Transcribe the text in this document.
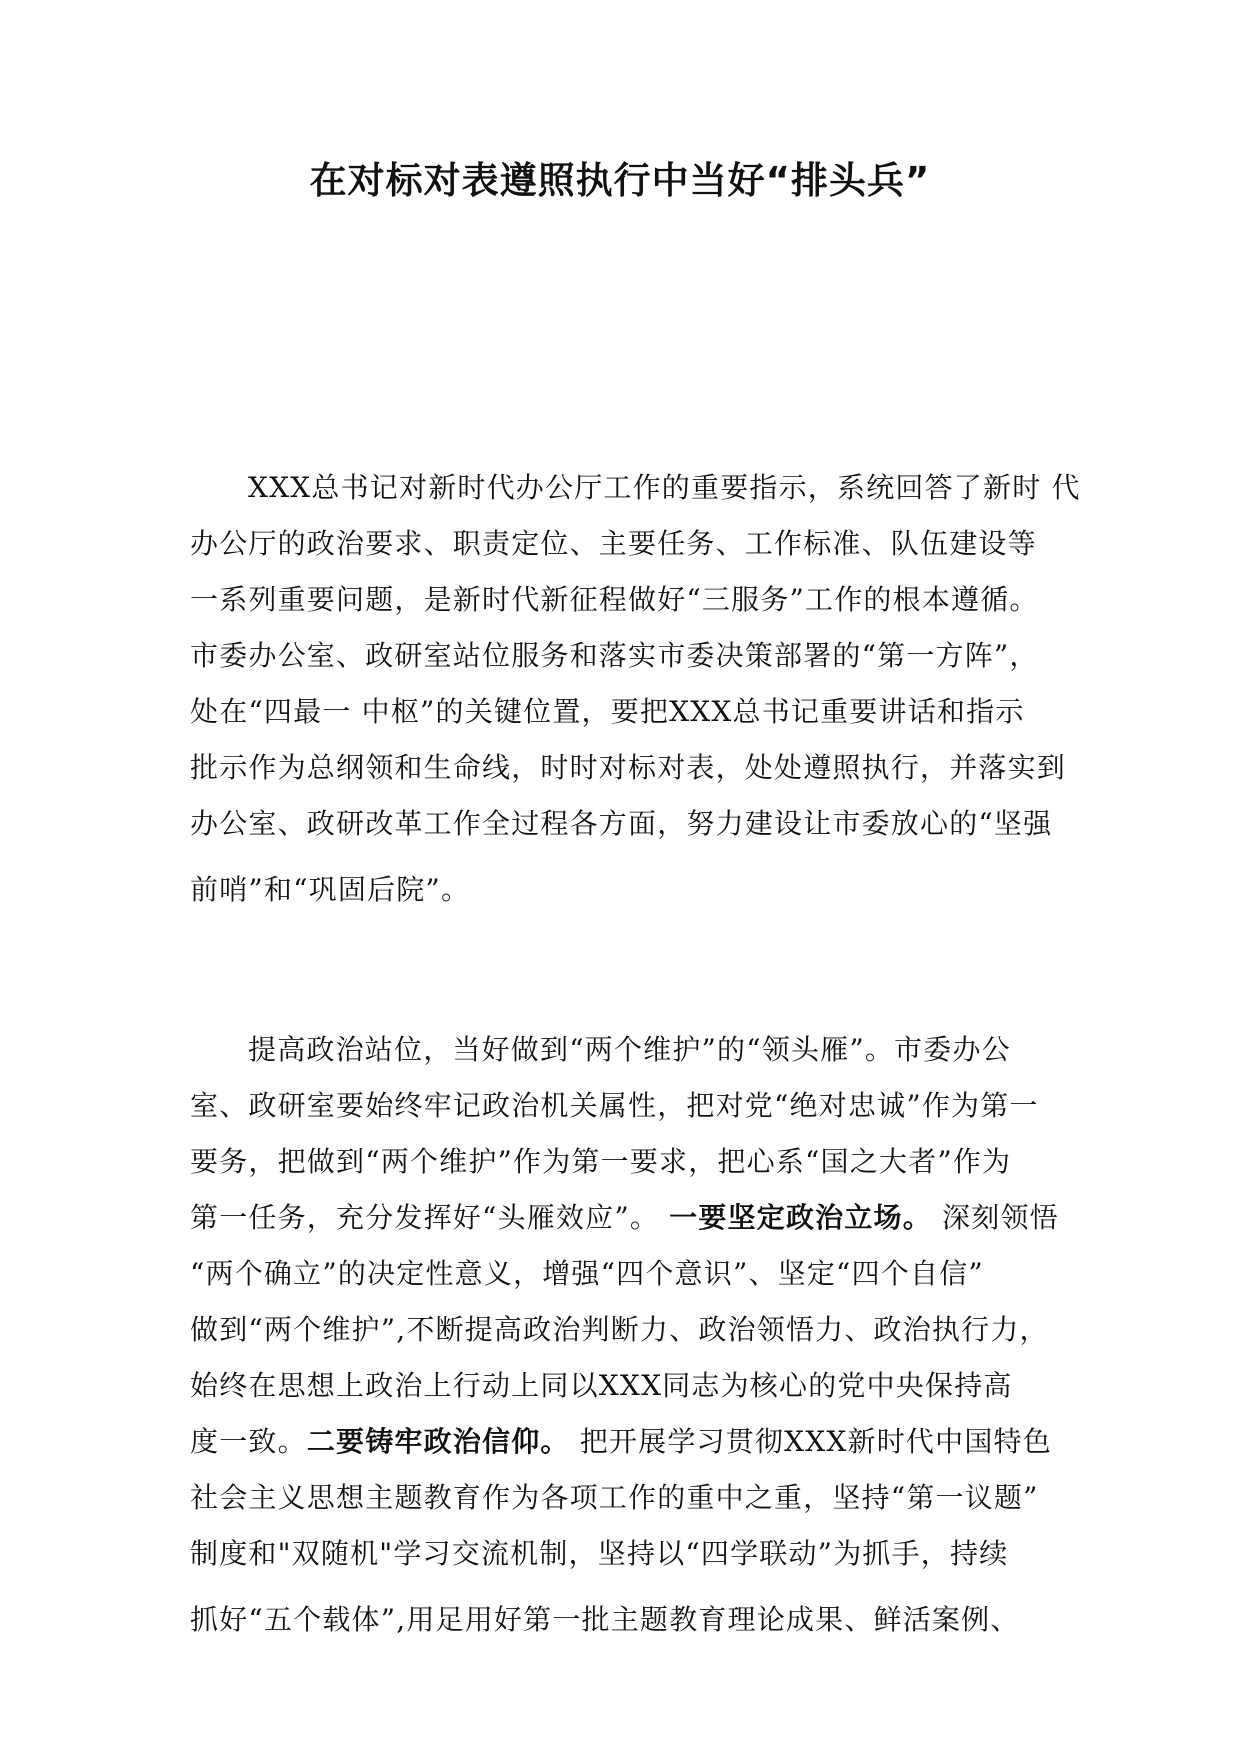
在对标对表遵照执行中当好“排头兵”
XXX总书记对新时代办公厅工作的重要指示，系统回答了新时 代
办公厅的政治要求、职责定位、主要任务、工作标准、队伍建设等
一系列重要问题，是新时代新征程做好“三服务”工作的根本遵循。
市委办公室、政研室站位服务和落实市委决策部署的“第一方阵”，
处在“四最一 中枢”的关键位置，要把XXX总书记重要讲话和指示
批示作为总纲领和生命线，时时对标对表，处处遵照执行，并落实到
办公室、政研改革工作全过程各方面，努力建设让市委放心的“坚强
前哨”和“巩固后院”。
提高政治站位，当好做到“两个维护”的“领头雁”。市委办公
室、政研室要始终牢记政治机关属性，把对党“绝对忠诚”作为第一
要务，把做到“两个维护”作为第一要求，把心系“国之大者”作为
第一任务，充分发挥好“头雁效应”。 一要坚定政治立场。 深刻领悟
“两个确立”的决定性意义，增强“四个意识”、坚定“四个自信”
做到“两个维护”,不断提高政治判断力、政治领悟力、政治执行力，
始终在思想上政治上行动上同以XXX同志为核心的党中央保持高
度一致。二要铸牢政治信仰。 把开展学习贯彻XXX新时代中国特色
社会主义思想主题教育作为各项工作的重中之重，坚持“第一议题”
制度和"双随机"学习交流机制，坚持以“四学联动”为抓手，持续
抓好“五个载体”,用足用好第一批主题教育理论成果、鲜活案例、
